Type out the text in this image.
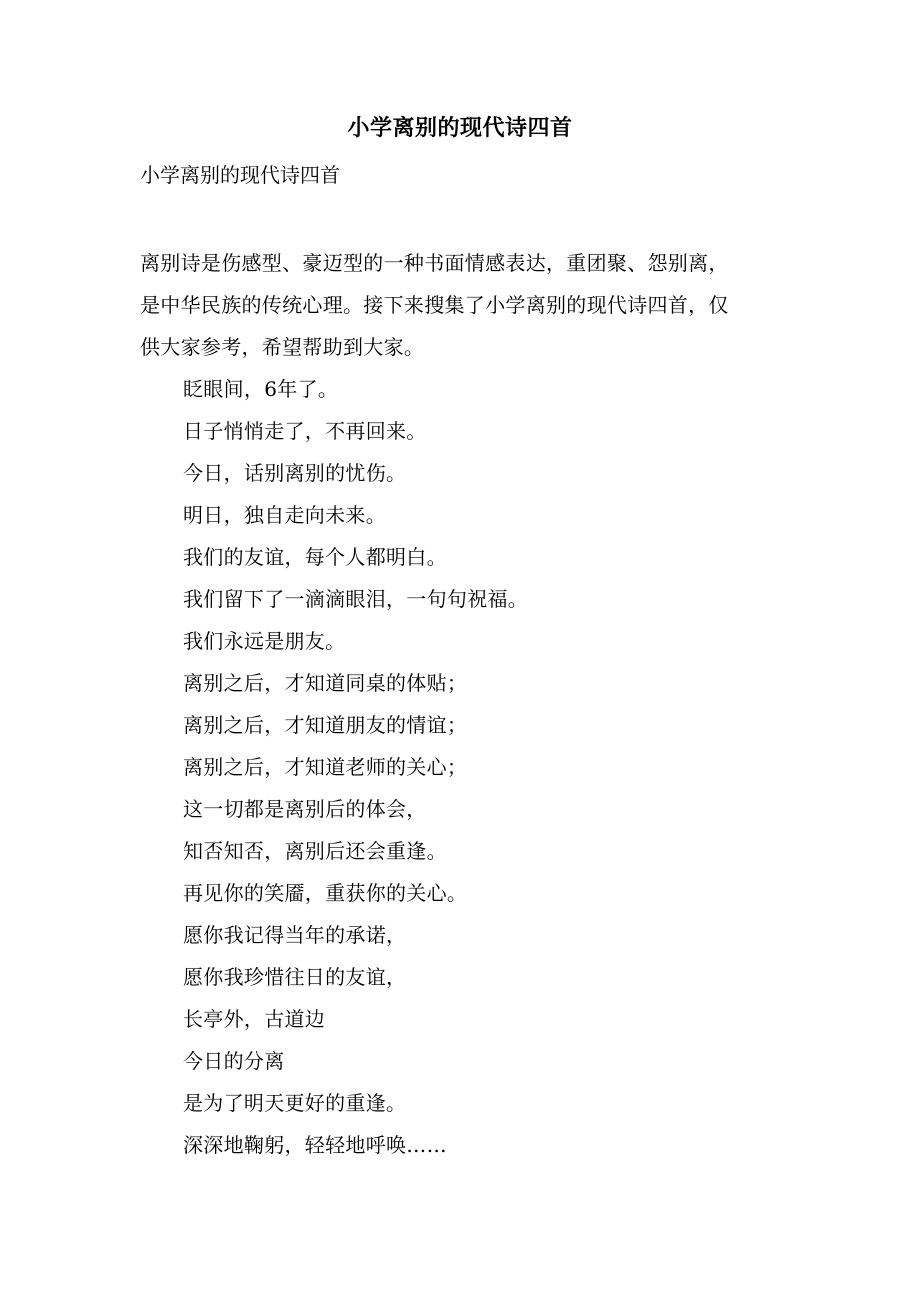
小学离别的现代诗四首
小学离别的现代诗四首
离别诗是伤感型、豪迈型的一种书面情感表达，重团聚、怨别离，
是中华民族的传统心理。接下来搜集了小学离别的现代诗四首，仅
供大家参考，希望帮助到大家。
眨眼间，6年了。
日子悄悄走了，不再回来。
今日，话别离别的忧伤。
明日，独自走向未来。
我们的友谊，每个人都明白。
我们留下了一滴滴眼泪，一句句祝福。
我们永远是朋友。
离别之后，才知道同桌的体贴；
离别之后，才知道朋友的情谊；
离别之后，才知道老师的关心；
这一切都是离别后的体会，
知否知否，离别后还会重逢。
再见你的笑靥，重获你的关心。
愿你我记得当年的承诺，
愿你我珍惜往日的友谊，
长亭外，古道边
今日的分离
是为了明天更好的重逢。
深深地鞠躬，轻轻地呼唤……
